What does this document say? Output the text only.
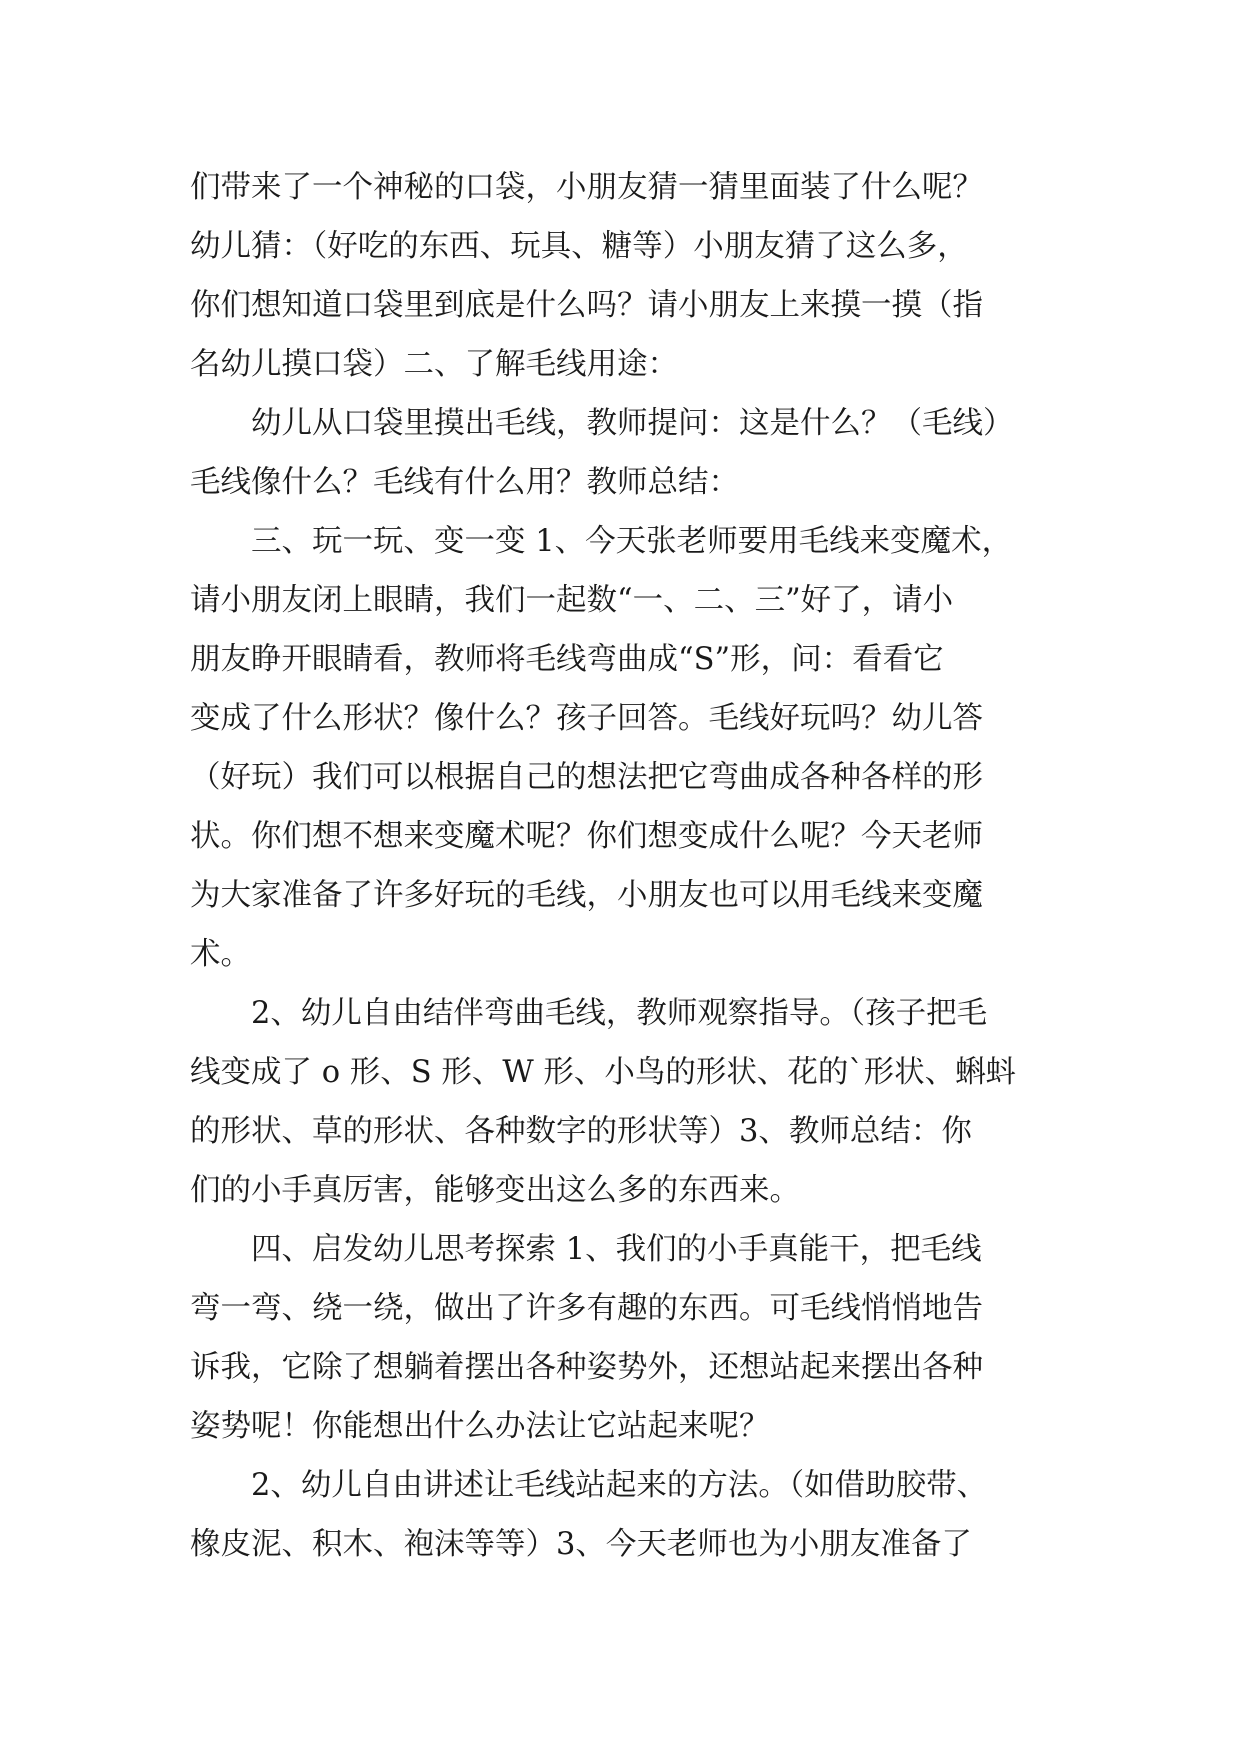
们带来了一个神秘的口袋，小朋友猜一猜里面装了什么呢？
幼儿猜：（好吃的东西、玩具、糖等）小朋友猜了这么多，
你们想知道口袋里到底是什么吗？请小朋友上来摸一摸（指
名幼儿摸口袋）二、了解毛线用途：
　　幼儿从口袋里摸出毛线，教师提问：这是什么？（毛线）
毛线像什么？毛线有什么用？教师总结：
　　三、玩一玩、变一变 1、今天张老师要用毛线来变魔术，
请小朋友闭上眼睛，我们一起数“一、二、三”好了，请小
朋友睁开眼睛看，教师将毛线弯曲成“S”形，问：看看它
变成了什么形状？像什么？孩子回答。毛线好玩吗？幼儿答
（好玩）我们可以根据自己的想法把它弯曲成各种各样的形
状。你们想不想来变魔术呢？你们想变成什么呢？今天老师
为大家准备了许多好玩的毛线，小朋友也可以用毛线来变魔
术。
　　2、幼儿自由结伴弯曲毛线，教师观察指导。（孩子把毛
线变成了 o 形、S 形、W 形、小鸟的形状、花的`形状、蝌蚪
的形状、草的形状、各种数字的形状等）3、教师总结：你
们的小手真厉害，能够变出这么多的东西来。
　　四、启发幼儿思考探索 1、我们的小手真能干，把毛线
弯一弯、绕一绕，做出了许多有趣的东西。可毛线悄悄地告
诉我，它除了想躺着摆出各种姿势外，还想站起来摆出各种
姿势呢！你能想出什么办法让它站起来呢？
　　2、幼儿自由讲述让毛线站起来的方法。（如借助胶带、
橡皮泥、积木、袍沫等等）3、今天老师也为小朋友准备了
